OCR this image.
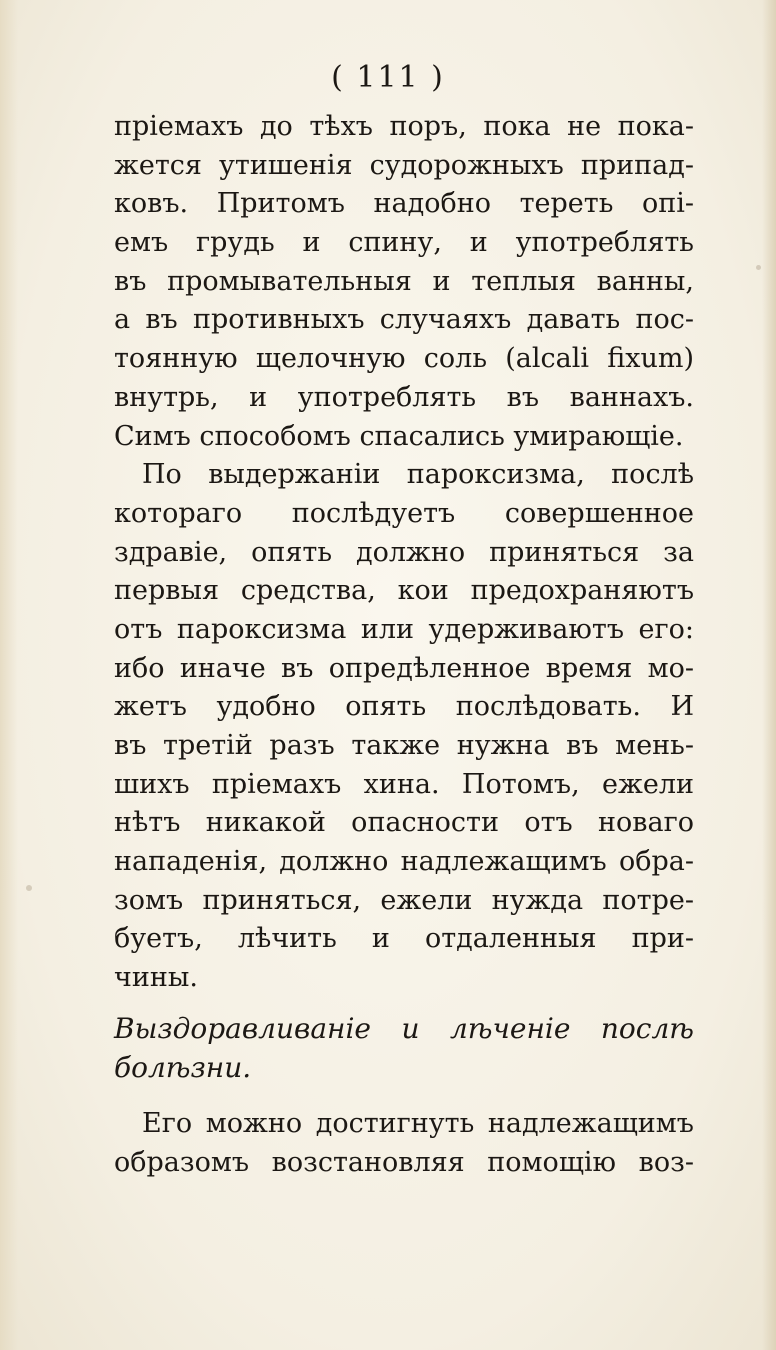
( 111 )
пріемахъ до тѣхъ поръ, пока не пока-
жется утишенія судорожныхъ припад-
ковъ. Притомъ надобно тереть опі-
емъ грудь и спину, и употреблять
въ промывательныя и теплыя ванны,
а въ противныхъ случаяхъ давать пос-
тоянную щелочную соль (alcali fixum)
внутрь, и употреблять въ ваннахъ.
Симъ способомъ спасались умирающіе.
По выдержаніи пароксизма, послѣ
котораго послѣдуетъ совершенное
здравіе, опять должно приняться за
первыя средства, кои предохраняютъ
отъ пароксизма или удерживаютъ его:
ибо иначе въ опредѣленное время мо-
жетъ удобно опять послѣдовать. И
въ третій разъ также нужна въ мень-
шихъ пріемахъ хина. Потомъ, ежели
нѣтъ никакой опасности отъ новаго
нападенія, должно надлежащимъ обра-
зомъ приняться, ежели нужда потре-
буетъ, лѣчить и отдаленныя при-
чины.
Выздоравливаніе и лѣченіе послѣ
болѣзни.
Его можно достигнуть надлежащимъ
образомъ возстановляя помощію воз-
